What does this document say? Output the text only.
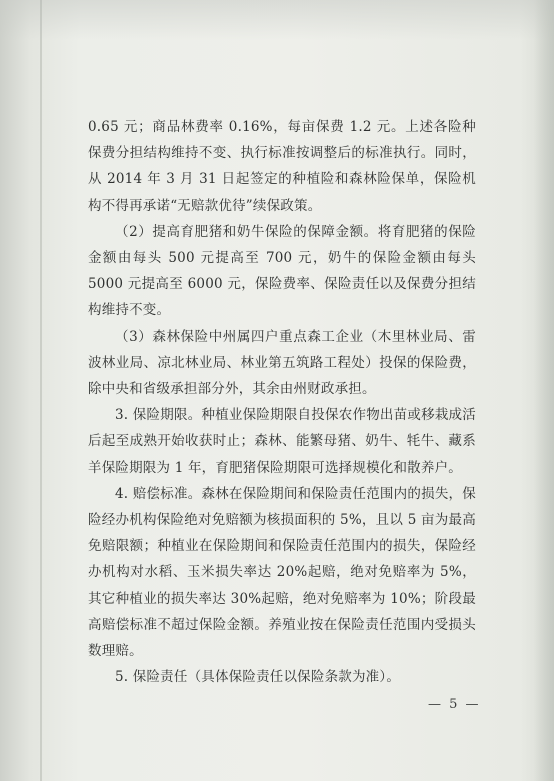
0.65 元；商品林费率 0.16%，每亩保费 1.2 元。上述各险种保费分担结构维持不变、执行标准按调整后的标准执行。同时，从 2014 年 3 月 31 日起签定的种植险和森林险保单，保险机构不得再承诺“无赔款优待”续保政策。

（2）提高育肥猪和奶牛保险的保障金额。将育肥猪的保险金额由每头 500 元提高至 700 元，奶牛的保险金额由每头 5000 元提高至 6000 元，保险费率、保险责任以及保费分担结构维持不变。

（3）森林保险中州属四户重点森工企业（木里林业局、雷波林业局、凉北林业局、林业第五筑路工程处）投保的保险费，除中央和省级承担部分外，其余由州财政承担。

3. 保险期限。种植业保险期限自投保农作物出苗或移栽成活后起至成熟开始收获时止；森林、能繁母猪、奶牛、牦牛、藏系羊保险期限为 1 年，育肥猪保险期限可选择规模化和散养户。

4. 赔偿标准。森林在保险期间和保险责任范围内的损失，保险经办机构保险绝对免赔额为核损面积的 5%，且以 5 亩为最高免赔限额；种植业在保险期间和保险责任范围内的损失，保险经办机构对水稻、玉米损失率达 20%起赔，绝对免赔率为 5%，其它种植业的损失率达 30%起赔，绝对免赔率为 10%；阶段最高赔偿标准不超过保险金额。养殖业按在保险责任范围内受损头数理赔。

5. 保险责任（具体保险责任以保险条款为准）。

— 5 —
